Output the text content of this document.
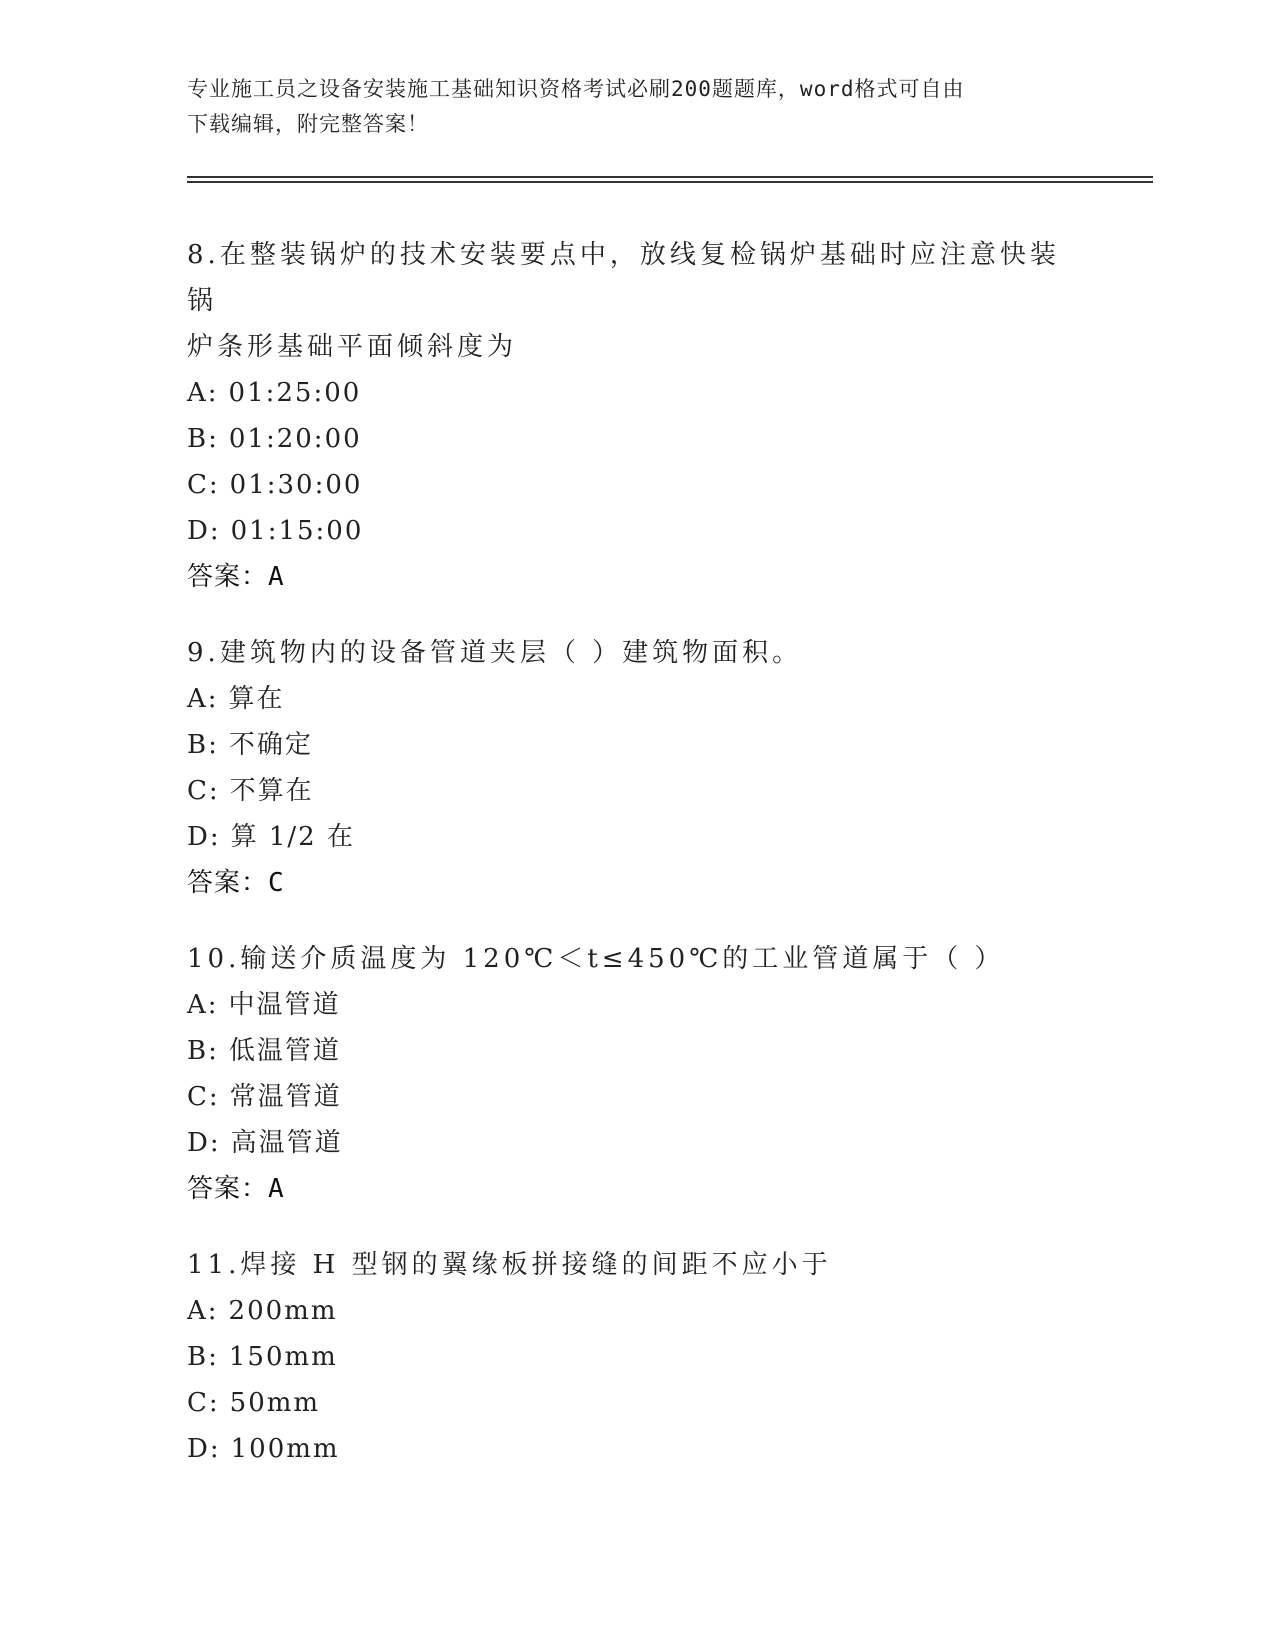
专业施工员之设备安装施工基础知识资格考试必刷200题题库，word格式可自由
下载编辑，附完整答案！
8.在整装锅炉的技术安装要点中，放线复检锅炉基础时应注意快装锅
炉条形基础平面倾斜度为
A: 01:25:00
B: 01:20:00
C: 01:30:00
D: 01:15:00
答案：A
9.建筑物内的设备管道夹层（ ）建筑物面积。
A: 算在
B: 不确定
C: 不算在
D: 算 1/2 在
答案：C
10.输送介质温度为 120℃＜t≤450℃的工业管道属于（ ）
A: 中温管道
B: 低温管道
C: 常温管道
D: 高温管道
答案：A
11.焊接 H 型钢的翼缘板拼接缝的间距不应小于
A: 200mm
B: 150mm
C: 50mm
D: 100mm
